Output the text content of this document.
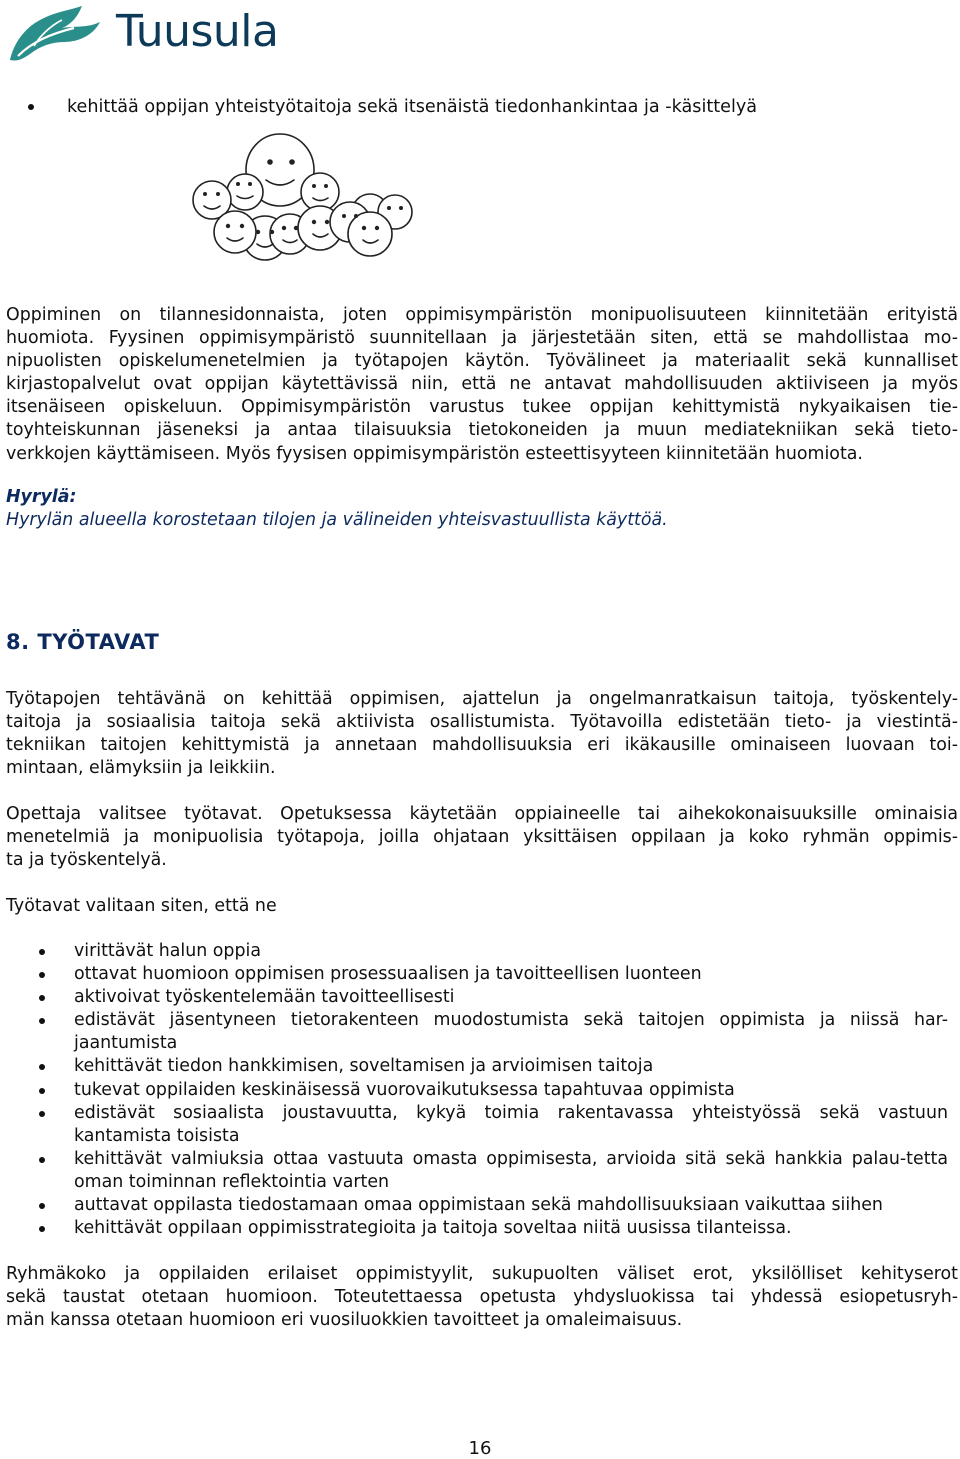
Tuusula
kehittää oppijan yhteistyötaitoja sekä itsenäistä tiedonhankintaa ja -käsittelyä
Oppiminen on tilannesidonnaista, joten oppimisympäristön monipuolisuuteen kiinnitetään erityistä
huomiota. Fyysinen oppimisympäristö suunnitellaan ja järjestetään siten, että se mahdollistaa mo-
nipuolisten opiskelumenetelmien ja työtapojen käytön. Työvälineet ja materiaalit sekä kunnalliset
kirjastopalvelut ovat oppijan käytettävissä niin, että ne antavat mahdollisuuden aktiiviseen ja myös
itsenäiseen opiskeluun. Oppimisympäristön varustus tukee oppijan kehittymistä nykyaikaisen tie-
toyhteiskunnan jäseneksi ja antaa tilaisuuksia tietokoneiden ja muun mediatekniikan sekä tieto-
verkkojen käyttämiseen. Myös fyysisen oppimisympäristön esteettisyyteen kiinnitetään huomiota.
Hyrylä:
Hyrylän alueella korostetaan tilojen ja välineiden yhteisvastuullista käyttöä.
8. TYÖTAVAT
Työtapojen tehtävänä on kehittää oppimisen, ajattelun ja ongelmanratkaisun taitoja, työskentely-
taitoja ja sosiaalisia taitoja sekä aktiivista osallistumista. Työtavoilla edistetään tieto- ja viestintä-
tekniikan taitojen kehittymistä ja annetaan mahdollisuuksia eri ikäkausille ominaiseen luovaan toi-
mintaan, elämyksiin ja leikkiin.
Opettaja valitsee työtavat. Opetuksessa käytetään oppiaineelle tai aihekokonaisuuksille ominaisia
menetelmiä ja monipuolisia työtapoja, joilla ohjataan yksittäisen oppilaan ja koko ryhmän oppimis-
ta ja työskentelyä.
Työtavat valitaan siten, että ne
virittävät halun oppia
ottavat huomioon oppimisen prosessuaalisen ja tavoitteellisen luonteen
aktivoivat työskentelemään tavoitteellisesti
edistävät jäsentyneen tietorakenteen muodostumista sekä taitojen oppimista ja niissä har-jaantumista
kehittävät tiedon hankkimisen, soveltamisen ja arvioimisen taitoja
tukevat oppilaiden keskinäisessä vuorovaikutuksessa tapahtuvaa oppimista
edistävät sosiaalista joustavuutta, kykyä toimia rakentavassa yhteistyössä sekä vastuun kantamista toisista
kehittävät valmiuksia ottaa vastuuta omasta oppimisesta, arvioida sitä sekä hankkia palau-tetta oman toiminnan reflektointia varten
auttavat oppilasta tiedostamaan omaa oppimistaan sekä mahdollisuuksiaan vaikuttaa siihen
kehittävät oppilaan oppimisstrategioita ja taitoja soveltaa niitä uusissa tilanteissa.
Ryhmäkoko ja oppilaiden erilaiset oppimistyylit, sukupuolten väliset erot, yksilölliset kehityserot
sekä taustat otetaan huomioon. Toteutettaessa opetusta yhdysluokissa tai yhdessä esiopetusryh-
män kanssa otetaan huomioon eri vuosiluokkien tavoitteet ja omaleimaisuus.
16
